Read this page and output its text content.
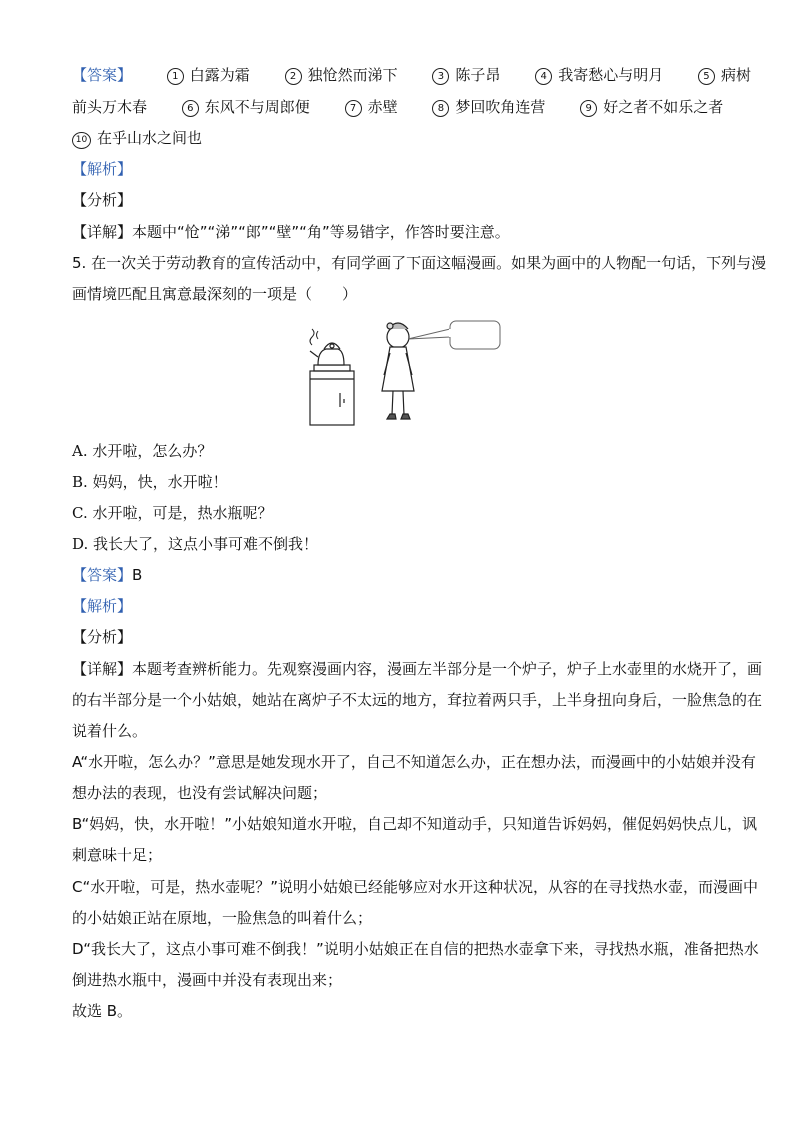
【答案】	1 白露为霜	2 独怆然而涕下	3 陈子昂	4 我寄愁心与明月	5 病树
前头万木春	6 东风不与周郎便	7 赤壁	8 梦回吹角连营	9 好之者不如乐之者
10 在乎山水之间也
【解析】
【分析】
【详解】本题中“怆”“涕”“郎”“壁”“角”等易错字，作答时要注意。
5. 在一次关于劳动教育的宣传活动中，有同学画了下面这幅漫画。如果为画中的人物配一句话，下列与漫
画情境匹配且寓意最深刻的一项是（　　）
A. 水开啦，怎么办？
B. 妈妈，快，水开啦！
C. 水开啦，可是，热水瓶呢？
D. 我长大了，这点小事可难不倒我！
【答案】B
【解析】
【分析】
【详解】本题考查辨析能力。先观察漫画内容，漫画左半部分是一个炉子，炉子上水壶里的水烧开了，画
的右半部分是一个小姑娘，她站在离炉子不太远的地方，耷拉着两只手，上半身扭向身后，一脸焦急的在
说着什么。
A“水开啦，怎么办？”意思是她发现水开了，自己不知道怎么办，正在想办法，而漫画中的小姑娘并没有
想办法的表现，也没有尝试解决问题；
B“妈妈，快，水开啦！”小姑娘知道水开啦，自己却不知道动手，只知道告诉妈妈，催促妈妈快点儿，讽
刺意味十足；
C“水开啦，可是，热水壶呢？”说明小姑娘已经能够应对水开这种状况，从容的在寻找热水壶，而漫画中
的小姑娘正站在原地，一脸焦急的叫着什么；
D“我长大了，这点小事可难不倒我！”说明小姑娘正在自信的把热水壶拿下来，寻找热水瓶，准备把热水
倒进热水瓶中，漫画中并没有表现出来；
故选 B。
